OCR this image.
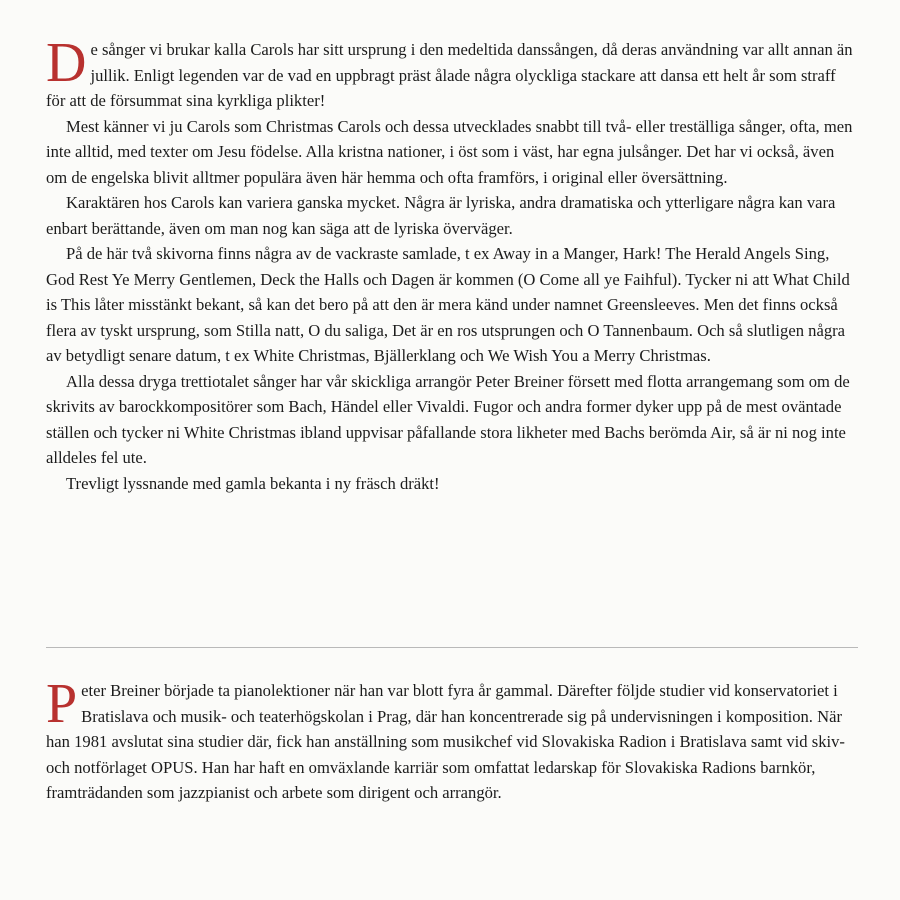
De sånger vi brukar kalla Carols har sitt ursprung i den medeltida danssången, då deras användning var allt annan än jullik. Enligt legenden var de vad en uppbragt präst ålade några olyckliga stackare att dansa ett helt år som straff för att de försummat sina kyrkliga plikter!

Mest känner vi ju Carols som Christmas Carols och dessa utvecklades snabbt till två- eller treställiga sånger, ofta, men inte alltid, med texter om Jesu födelse. Alla kristna nationer, i öst som i väst, har egna julsånger. Det har vi också, även om de engelska blivit alltmer populära även här hemma och ofta framförs, i original eller översättning.

Karaktären hos Carols kan variera ganska mycket. Några är lyriska, andra dramatiska och ytterligare några kan vara enbart berättande, även om man nog kan säga att de lyriska överväger.

På de här två skivorna finns några av de vackraste samlade, t ex Away in a Manger, Hark! The Herald Angels Sing, God Rest Ye Merry Gentlemen, Deck the Halls och Dagen är kommen (O Come all ye Faihful). Tycker ni att What Child is This låter misstänkt bekant, så kan det bero på att den är mera känd under namnet Greensleeves. Men det finns också flera av tyskt ursprung, som Stilla natt, O du saliga, Det är en ros utsprungen och O Tannenbaum. Och så slutligen några av betydligt senare datum, t ex White Christmas, Bjällerklang och We Wish You a Merry Christmas.

Alla dessa dryga trettiotalet sånger har vår skickliga arrangör Peter Breiner försett med flotta arrangemang som om de skrivits av barockkompositörer som Bach, Händel eller Vivaldi. Fugor och andra former dyker upp på de mest oväntade ställen och tycker ni White Christmas ibland uppvisar påfallande stora likheter med Bachs berömda Air, så är ni nog inte alldeles fel ute.

Trevligt lyssnande med gamla bekanta i ny fräsch dräkt!

Peter Breiner började ta pianolektioner när han var blott fyra år gammal. Därefter följde studier vid konservatoriet i Bratislava och musik- och teaterhögskolan i Prag, där han koncentrerade sig på undervisningen i komposition. När han 1981 avslutat sina studier där, fick han anställning som musikchef vid Slovakiska Radion i Bratislava samt vid skiv- och notförlaget OPUS. Han har haft en omväxlande karriär som omfattat ledarskap för Slovakiska Radions barnkör, framträdanden som jazzpianist och arbete som dirigent och arrangör.
